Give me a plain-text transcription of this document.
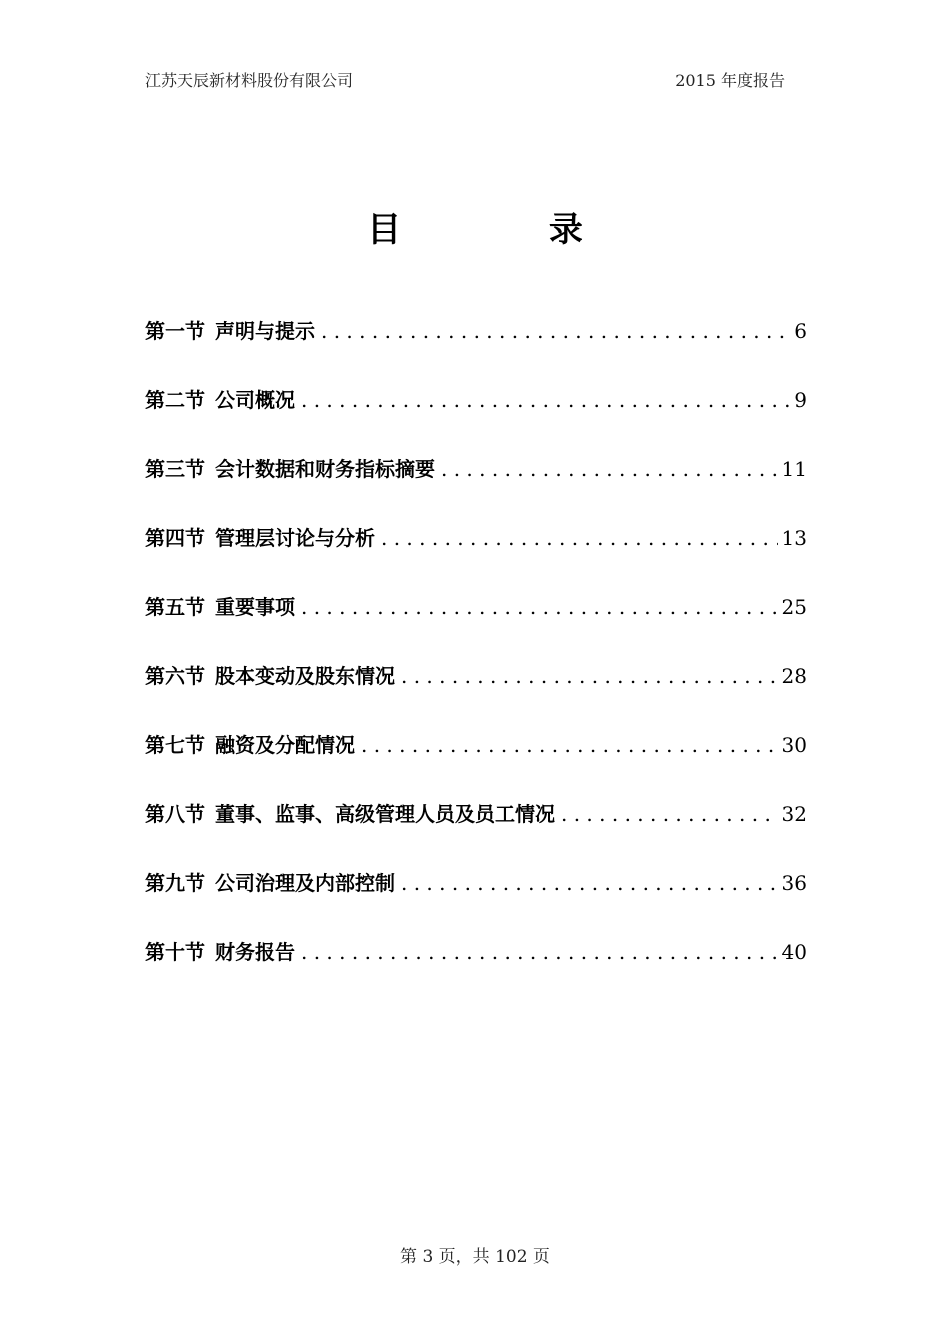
江苏天辰新材料股份有限公司	2015 年度报告
目 录
第一节 声明与提示 . . .	6
第二节 公司概况 . . .	9
第三节 会计数据和财务指标摘要 . . .	11
第四节 管理层讨论与分析 . . .	13
第五节 重要事项 . . .	25
第六节 股本变动及股东情况 . . .	28
第七节 融资及分配情况 . . .	30
第八节 董事、监事、高级管理人员及员工情况 . . .	32
第九节 公司治理及内部控制 . . .	36
第十节 财务报告 . . .	40
第 3 页，共 102 页
